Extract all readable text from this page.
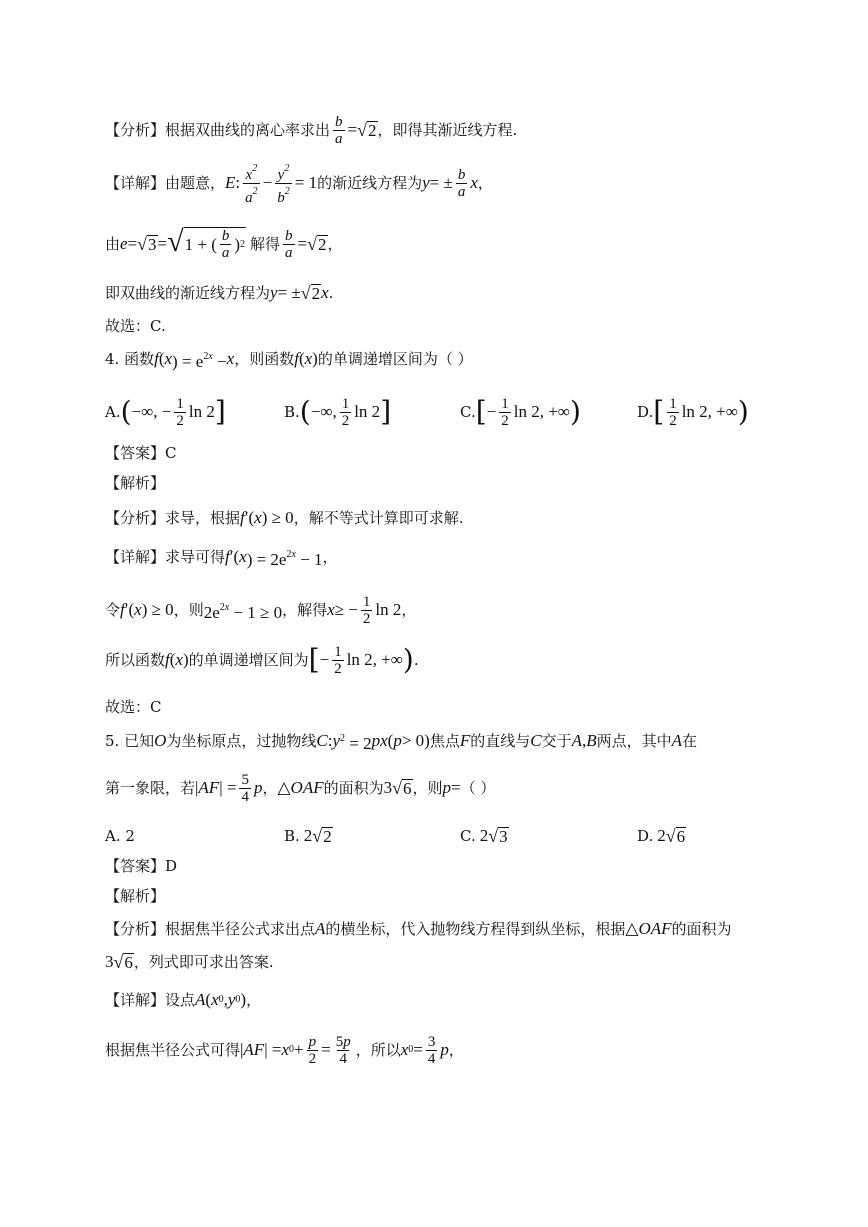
【分析】根据双曲线的离心率求出 $\frac{b}{a}$ = √ 2 ，即得其渐近线方程.
【详解】由题意， E : $\frac{x^2}{a^2} - \frac{y^2}{b^2} = 1$ 的渐近线方程为 y = ± $\frac{b}{a}$ x ，
由 e = √ 3 = √ 1 + ( $\frac{b}{a}$ ) 2 解得 $\frac{b}{a}$ = √ 2 ，
即双曲线的渐近线方程为 y = ± √ 2 x .
故选：C.
4. 函数 f ( x ) = $e^{2x} - x$ ，则函数 f ( x ) 的单调递增区间为（ ）
A. ( −∞, − $\frac{1}{2}$ ln 2 ]	B. ( −∞, $\frac{1}{2}$ ln 2 ]	C. [ − $\frac{1}{2}$ ln 2, +∞ )	D. [ $\frac{1}{2}$ ln 2, +∞ )
【答案】C
【解析】
【分析】求导，根据 f ′( x ) ≥ 0 ，解不等式计算即可求解.
【详解】求导可得 f ′( x ) = $2e^{2x} - 1$ ，
令 f ′( x ) ≥ 0 ，则 $2e^{2x} - 1 \ge 0$ ，解得 x ≥ − $\frac{1}{2}$ ln 2 ，
所以函数 f ( x ) 的单调递增区间为 [ − $\frac{1}{2}$ ln 2, +∞ ) .
故选：C
5. 已知 O 为坐标原点，过抛物线 C : y $^2$ = 2 px ( p > 0) 焦点 F 的直线与 C 交于 A , B 两点，其中 A 在
第一象限，若 | AF | = $\frac{5}{4}$ p ， △ OAF 的面积为 3 √ 6 ，则 p = （ ）
A. 2	B. 2 √ 2	C. 2 √ 3	D. 2 √ 6
【答案】D
【解析】
【分析】根据焦半径公式求出点 A 的横坐标，代入抛物线方程得到纵坐标，根据 △ OAF 的面积为
3 √ 6 ，列式即可求出答案.
【详解】设点 A ( x 0 , y 0 ) ，
根据焦半径公式可得 | AF | = x $0 + \frac{p}{2} = \frac{5p}{4}$ ，所以 x $0 = \frac{3}{4}$ p ，
